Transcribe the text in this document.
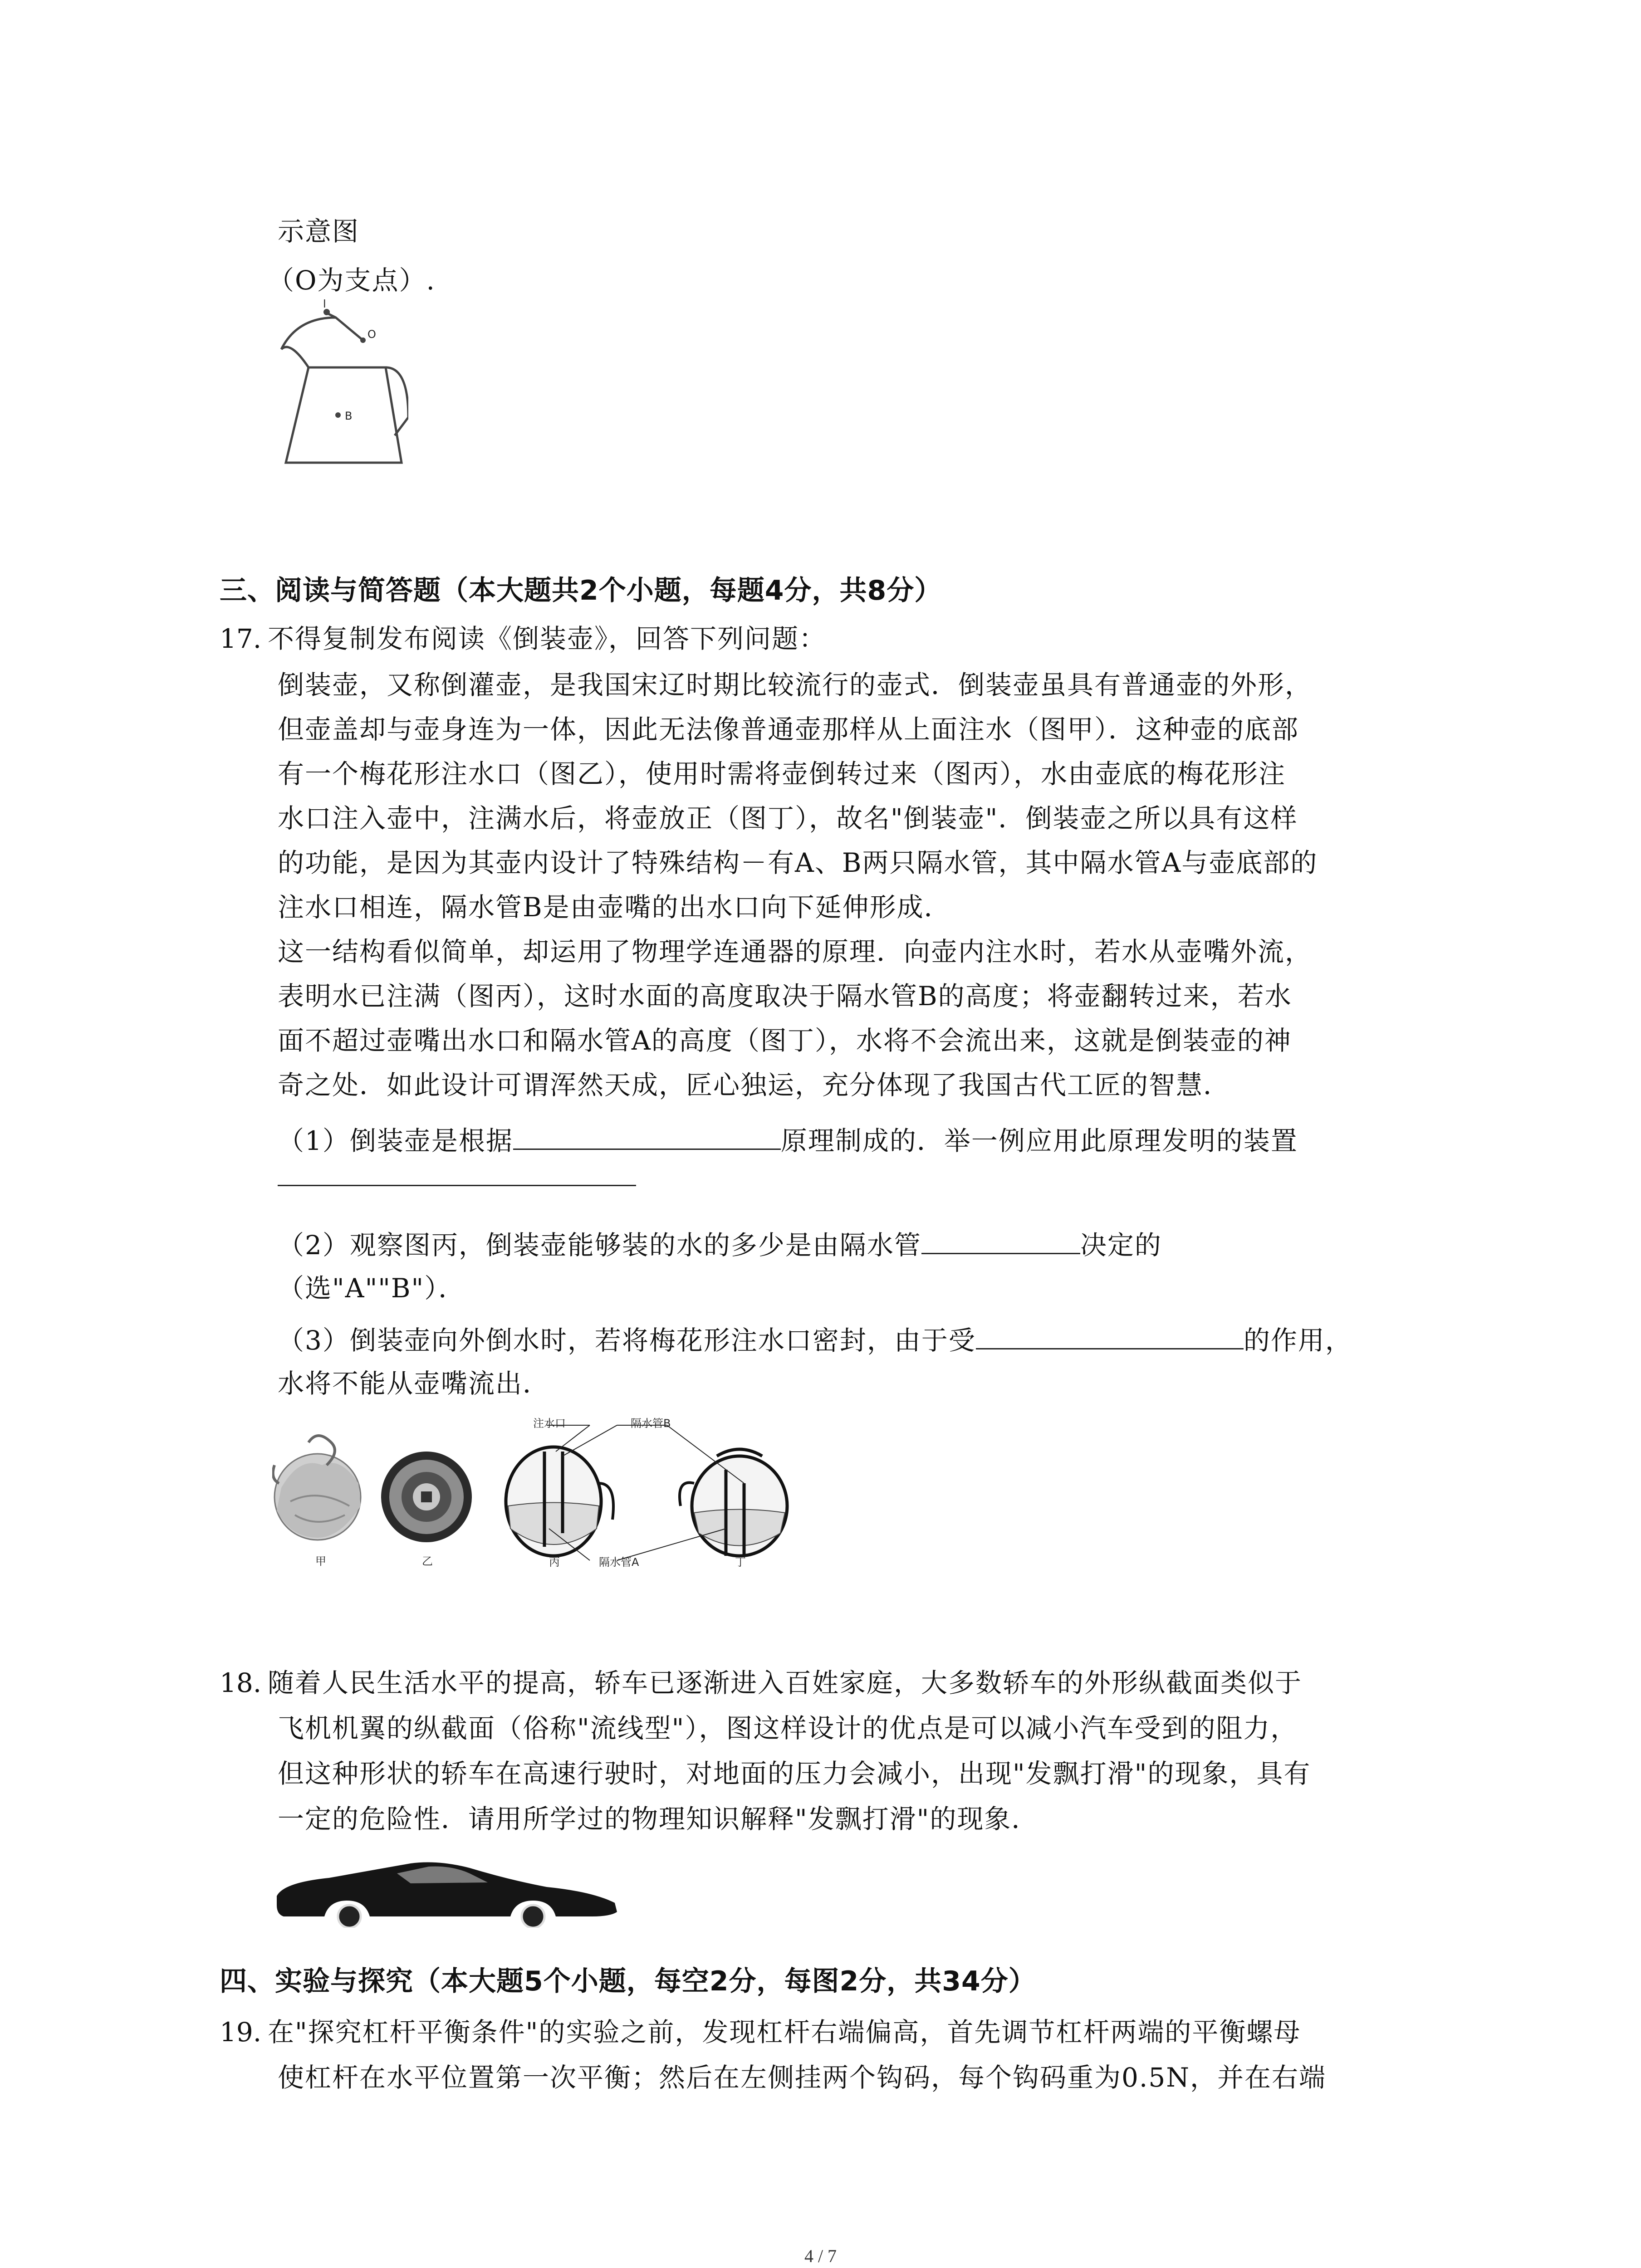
示意图
（O为支点）.
l
O
B
三、阅读与简答题（本大题共2个小题，每题4分，共8分）
17. 不得复制发布阅读《倒装壶》，回答下列问题：
倒装壶，又称倒灌壶，是我国宋辽时期比较流行的壶式．倒装壶虽具有普通壶的外形，
但壶盖却与壶身连为一体，因此无法像普通壶那样从上面注水（图甲）．这种壶的底部
有一个梅花形注水口（图乙），使用时需将壶倒转过来（图丙），水由壶底的梅花形注
水口注入壶中，注满水后，将壶放正（图丁），故名"倒装壶"．倒装壶之所以具有这样
的功能，是因为其壶内设计了特殊结构－有A、B两只隔水管，其中隔水管A与壶底部的
注水口相连，隔水管B是由壶嘴的出水口向下延伸形成．
这一结构看似简单，却运用了物理学连通器的原理．向壶内注水时，若水从壶嘴外流，
表明水已注满（图丙），这时水面的高度取决于隔水管B的高度；将壶翻转过来，若水
面不超过壶嘴出水口和隔水管A的高度（图丁），水将不会流出来，这就是倒装壶的神
奇之处．如此设计可谓浑然天成，匠心独运，充分体现了我国古代工匠的智慧．
（1）倒装壶是根据	原理制成的．举一例应用此原理发明的装置
（2）观察图丙，倒装壶能够装的水的多少是由隔水管	决定的
（选"A""B"）．
（3）倒装壶向外倒水时，若将梅花形注水口密封，由于受	的作用，
水将不能从壶嘴流出．
注水口	隔水管B
隔水管A
甲	乙	丙	丁
18. 随着人民生活水平的提高，轿车已逐渐进入百姓家庭，大多数轿车的外形纵截面类似于
飞机机翼的纵截面（俗称"流线型"），图这样设计的优点是可以减小汽车受到的阻力，
但这种形状的轿车在高速行驶时，对地面的压力会减小，出现"发飘打滑"的现象，具有
一定的危险性．请用所学过的物理知识解释"发飘打滑"的现象．
四、实验与探究（本大题5个小题，每空2分，每图2分，共34分）
19. 在"探究杠杆平衡条件"的实验之前，发现杠杆右端偏高，首先调节杠杆两端的平衡螺母
使杠杆在水平位置第一次平衡；然后在左侧挂两个钩码，每个钩码重为0.5N，并在右端
4 / 7
